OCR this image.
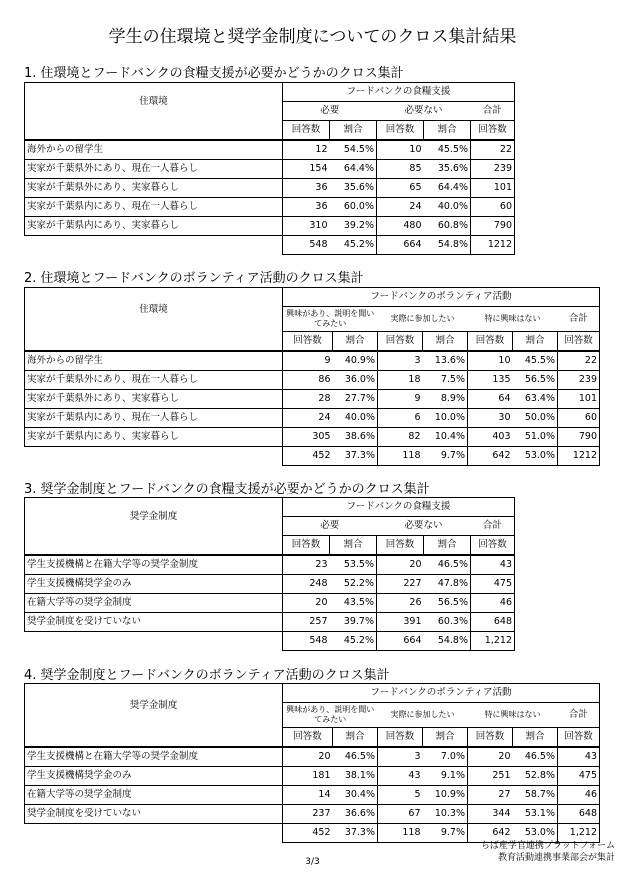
学生の住環境と奨学金制度についてのクロス集計結果
1. 住環境とフードバンクの食糧支援が必要かどうかのクロス集計
住環境	フードバンクの食糧支援				
	必要		必要ない		合計
	回答数	割合	回答数	割合	回答数
海外からの留学生	12	54.5%	10	45.5%	22
実家が千葉県外にあり、現在一人暮らし	154	64.4%	85	35.6%	239
実家が千葉県外にあり、実家暮らし	36	35.6%	65	64.4%	101
実家が千葉県内にあり、現在一人暮らし	36	60.0%	24	40.0%	60
実家が千葉県内にあり、実家暮らし	310	39.2%	480	60.8%	790
	548	45.2%	664	54.8%	1212
2. 住環境とフードバンクのボランティア活動のクロス集計
住環境	フードバンクのボランティア活動						
	興味があり、説明を聞いてみたい		実際に参加したい		特に興味はない		合計
	回答数	割合	回答数	割合	回答数	割合	回答数
海外からの留学生	9	40.9%	3	13.6%	10	45.5%	22
実家が千葉県外にあり、現在一人暮らし	86	36.0%	18	7.5%	135	56.5%	239
実家が千葉県外にあり、実家暮らし	28	27.7%	9	8.9%	64	63.4%	101
実家が千葉県内にあり、現在一人暮らし	24	40.0%	6	10.0%	30	50.0%	60
実家が千葉県内にあり、実家暮らし	305	38.6%	82	10.4%	403	51.0%	790
	452	37.3%	118	9.7%	642	53.0%	1212
3. 奨学金制度とフードバンクの食糧支援が必要かどうかのクロス集計
奨学金制度	フードバンクの食糧支援				
	必要		必要ない		合計
	回答数	割合	回答数	割合	回答数
学生支援機構と在籍大学等の奨学金制度	23	53.5%	20	46.5%	43
学生支援機構奨学金のみ	248	52.2%	227	47.8%	475
在籍大学等の奨学金制度	20	43.5%	26	56.5%	46
奨学金制度を受けていない	257	39.7%	391	60.3%	648
	548	45.2%	664	54.8%	1,212
4. 奨学金制度とフードバンクのボランティア活動のクロス集計
奨学金制度	フードバンクのボランティア活動						
	興味があり、説明を聞いてみたい		実際に参加したい		特に興味はない		合計
	回答数	割合	回答数	割合	回答数	割合	回答数
学生支援機構と在籍大学等の奨学金制度	20	46.5%	3	7.0%	20	46.5%	43
学生支援機構奨学金のみ	181	38.1%	43	9.1%	251	52.8%	475
在籍大学等の奨学金制度	14	30.4%	5	10.9%	27	58.7%	46
奨学金制度を受けていない	237	36.6%	67	10.3%	344	53.1%	648
	452	37.3%	118	9.7%	642	53.0%	1,212
ちば産学官連携プラットフォーム
教育活動連携事業部会が集計
3/3
